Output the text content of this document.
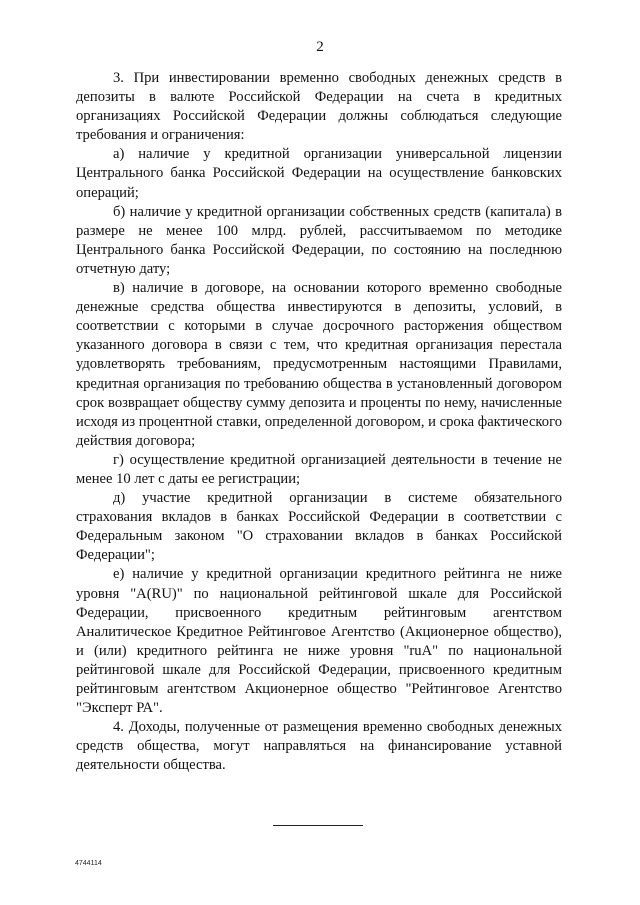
2

3. При инвестировании временно свободных денежных средств в депозиты в валюте Российской Федерации на счета в кредитных организациях Российской Федерации должны соблюдаться следующие требования и ограничения:

а) наличие у кредитной организации универсальной лицензии Центрального банка Российской Федерации на осуществление банковских операций;

б) наличие у кредитной организации собственных средств (капитала) в размере не менее 100 млрд. рублей, рассчитываемом по методике Центрального банка Российской Федерации, по состоянию на последнюю отчетную дату;

в) наличие в договоре, на основании которого временно свободные денежные средства общества инвестируются в депозиты, условий, в соответствии с которыми в случае досрочного расторжения обществом указанного договора в связи с тем, что кредитная организация перестала удовлетворять требованиям, предусмотренным настоящими Правилами, кредитная организация по требованию общества в установленный договором срок возвращает обществу сумму депозита и проценты по нему, начисленные исходя из процентной ставки, определенной договором, и срока фактического действия договора;

г) осуществление кредитной организацией деятельности в течение не менее 10 лет с даты ее регистрации;

д) участие кредитной организации в системе обязательного страхования вкладов в банках Российской Федерации в соответствии с Федеральным законом "О страховании вкладов в банках Российской Федерации";

е) наличие у кредитной организации кредитного рейтинга не ниже уровня "A(RU)" по национальной рейтинговой шкале для Российской Федерации, присвоенного кредитным рейтинговым агентством Аналитическое Кредитное Рейтинговое Агентство (Акционерное общество), и (или) кредитного рейтинга не ниже уровня "ruA" по национальной рейтинговой шкале для Российской Федерации, присвоенного кредитным рейтинговым агентством Акционерное общество "Рейтинговое Агентство "Эксперт РА".

4. Доходы, полученные от размещения временно свободных денежных средств общества, могут направляться на финансирование уставной деятельности общества.

4744114
